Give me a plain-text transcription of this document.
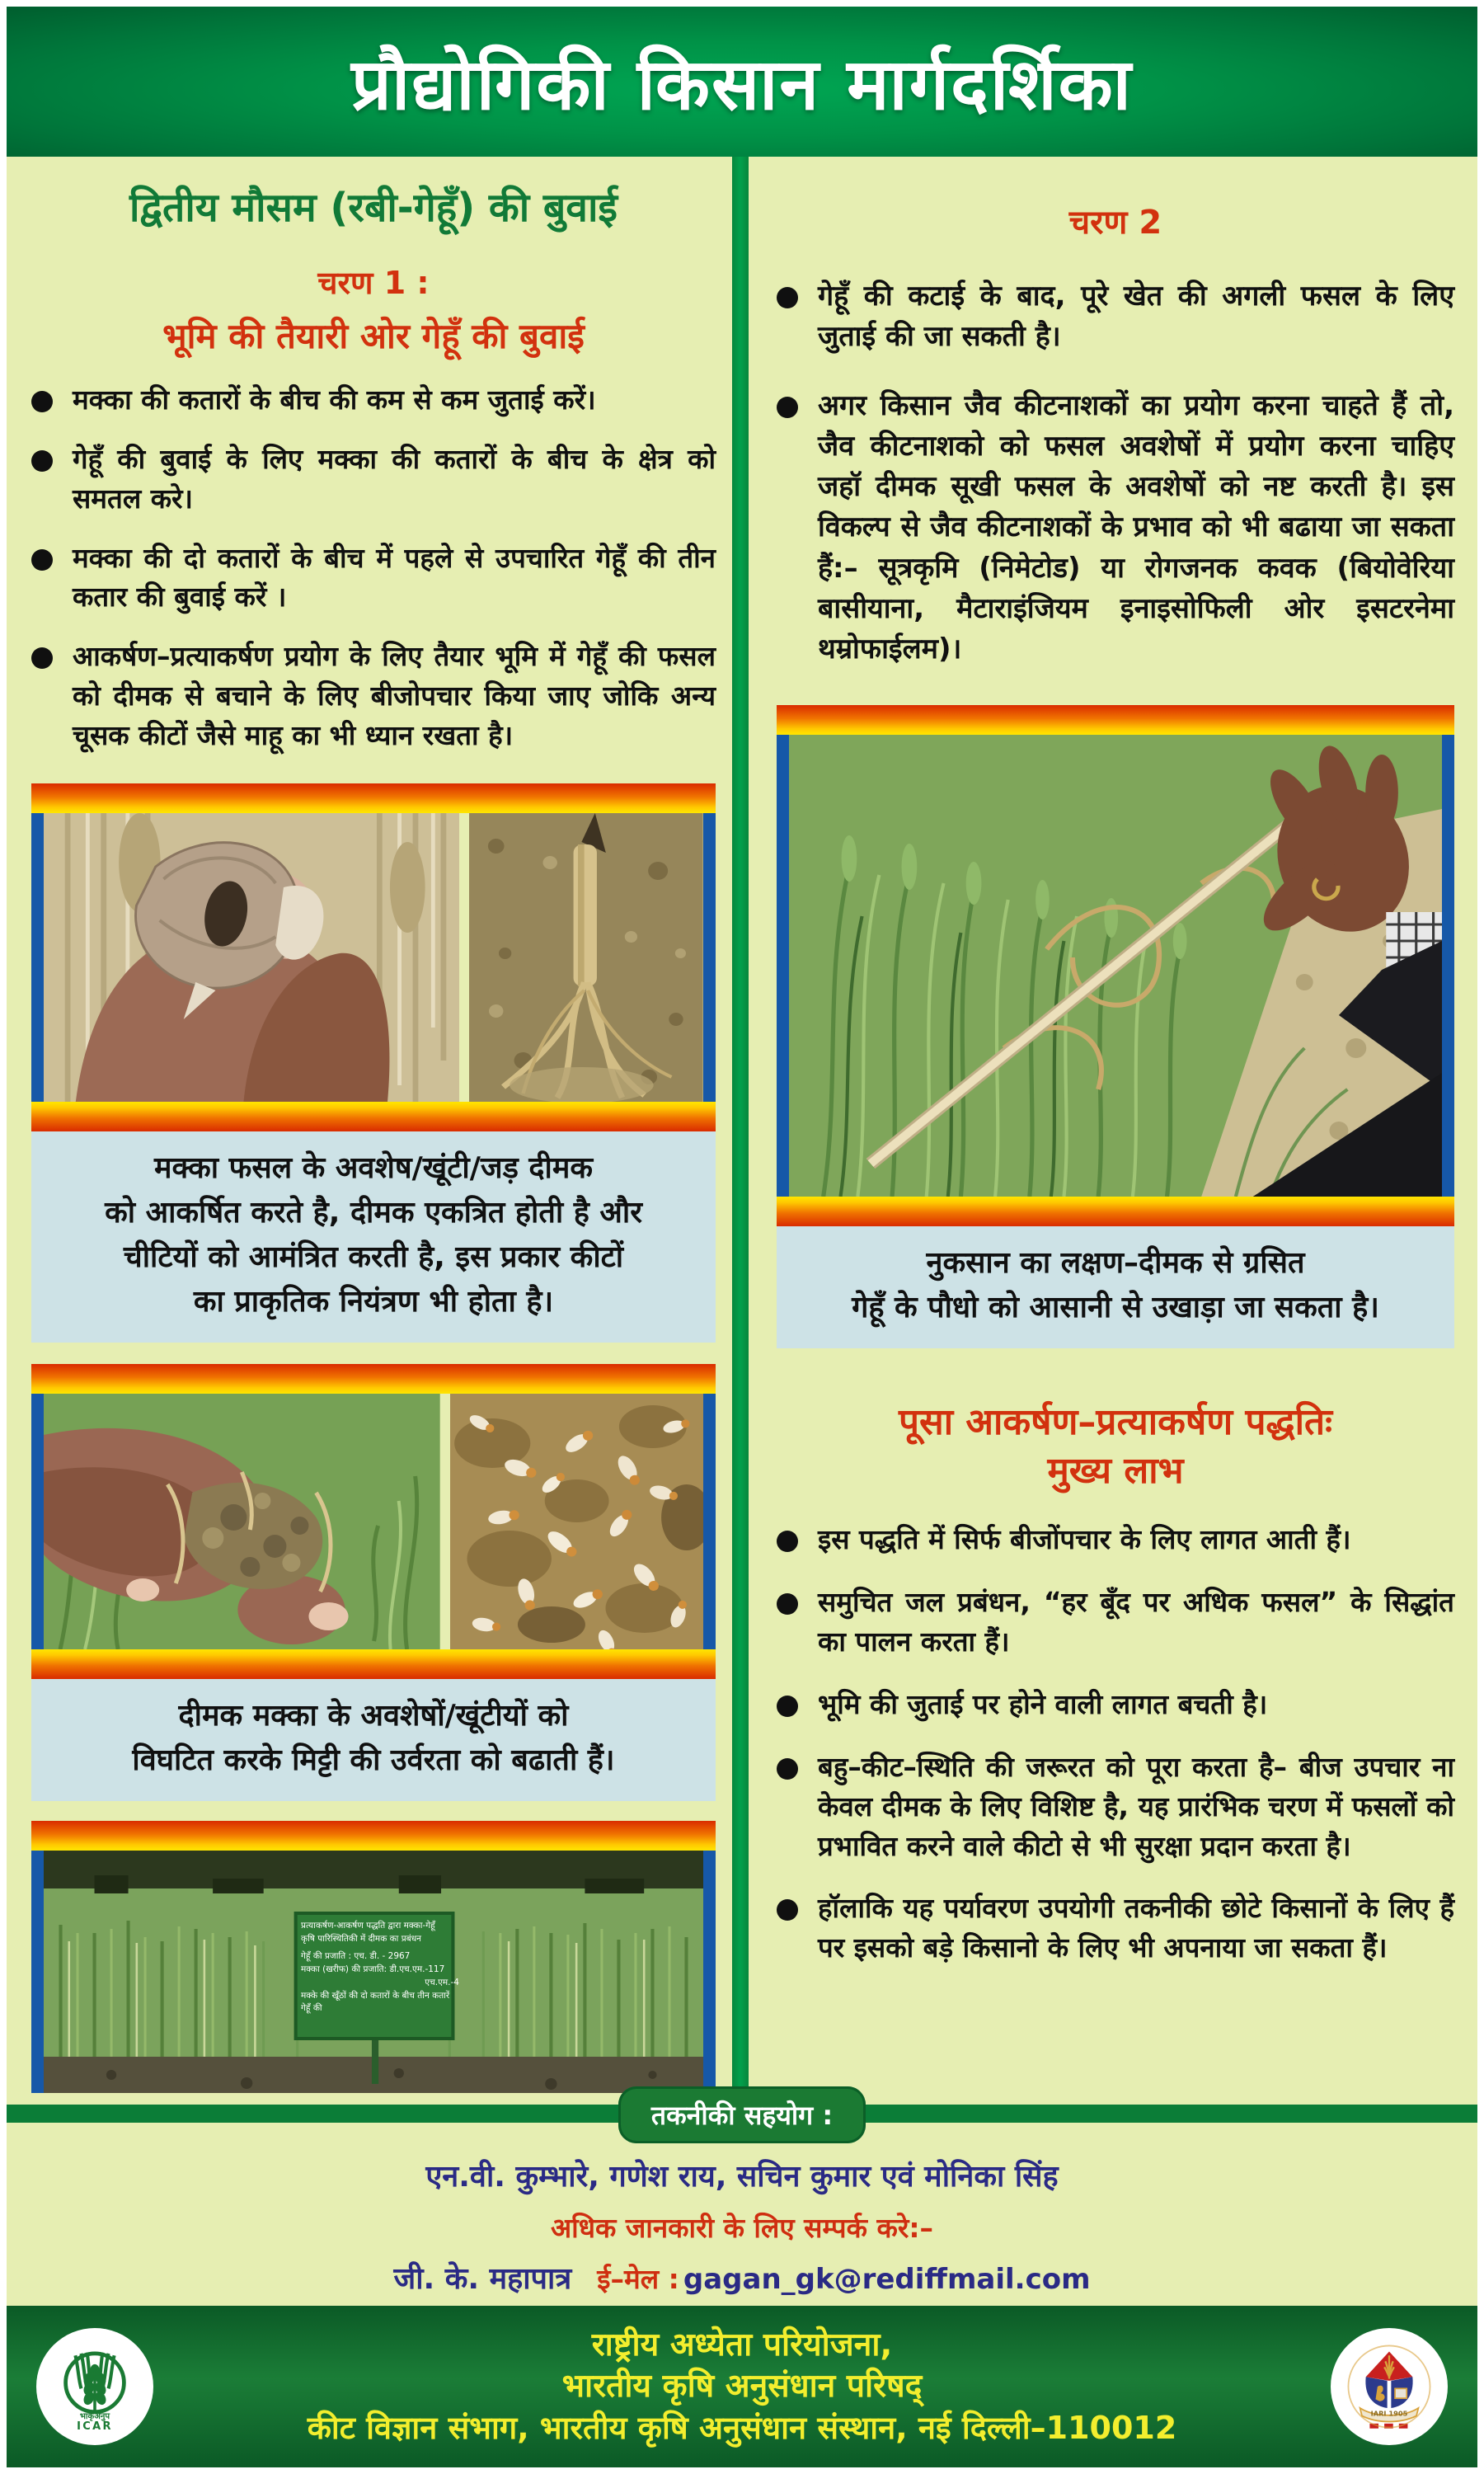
प्रौद्योगिकी किसान मार्गदर्शिका
द्वितीय मौसम (रबी-गेहूँ) की बुवाई
चरण 1 :
भूमि की तैयारी ओर गेहूँ की बुवाई
मक्का की कतारों के बीच की कम से कम जुताई करें।
गेहूँ की बुवाई के लिए मक्का की कतारों के बीच के क्षेत्र को समतल करे।
मक्का की दो कतारों के बीच में पहले से उपचारित गेहूँ की तीन कतार की बुवाई करें ।
आकर्षण–प्रत्याकर्षण प्रयोग के लिए तैयार भूमि में गेहूँ की फसल को दीमक से बचाने के लिए बीजोपचार किया जाए जोकि अन्य चूसक कीटों जैसे माहू का भी ध्यान रखता है।
मक्का फसल के अवशेष/खूंटी/जड़ दीमक
को आकर्षित करते है, दीमक एकत्रित होती है और
चीटियों को आमंत्रित करती है, इस प्रकार कीटों
का प्राकृतिक नियंत्रण भी होता है।
दीमक मक्का के अवशेषों/खूंटीयों को
विघटित करके मिट्टी की उर्वरता को बढाती हैं।
प्रत्याकर्षण-आकर्षण पद्धति द्वारा मक्का-गेहूँ
कृषि पारिस्थितिकी में दीमक का प्रबंधन
गेहूँ की प्रजाति : एच. डी. - 2967
मक्का (खरीफ) की प्रजाति: डी.एच.एम.-117
एच.एम.-4
मक्के की खूँठों की दो कतारों के बीच तीन कतारें गेहूँ की
चरण 2
गेहूँ की कटाई के बाद, पूरे खेत की अगली फसल के लिए जुताई की जा सकती है।
अगर किसान जैव कीटनाशकों का प्रयोग करना चाहते हैं तो, जैव कीटनाशको को फसल अवशेषों में प्रयोग करना चाहिए जहॉ दीमक सूखी फसल के अवशेषों को नष्ट करती है। इस विकल्प से जैव कीटनाशकों के प्रभाव को भी बढाया जा सकता हैं:– सूत्रकृमि (निमेटोड) या रोगजनक कवक (बियोवेरिया बासीयाना, मैटाराइंजियम इनाइसोफिली ओर इसटरनेमा थम्रोफाईलम)।
नुकसान का लक्षण–दीमक से ग्रसित
गेहूँ के पौधो को आसानी से उखाड़ा जा सकता है।
पूसा आकर्षण–प्रत्याकर्षण पद्धतिः
मुख्य लाभ
इस पद्धति में सिर्फ बीजोंपचार के लिए लागत आती हैं।
समुचित जल प्रबंधन, “हर बूँद पर अधिक फसल” के सिद्धांत का पालन करता हैं।
भूमि की जुताई पर होने वाली लागत बचती है।
बहु–कीट–स्थिति की जरूरत को पूरा करता है– बीज उपचार ना केवल दीमक के लिए विशिष्ट है, यह प्रारंभिक चरण में फसलों को प्रभावित करने वाले कीटो से भी सुरक्षा प्रदान करता है।
हॉलाकि यह पर्यावरण उपयोगी तकनीकी छोटे किसानों के लिए हैं पर इसको बड़े किसानो के लिए भी अपनाया जा सकता हैं।
तकनीकी सहयोग :
एन.वी. कुम्भारे, गणेश राय, सचिन कुमार एवं मोनिका सिंह
अधिक जानकारी के लिए सम्पर्क करे:–
जी. के. महापात्र ई–मेल : gagan_gk@rediffmail.com
भाकृअनुप
ICAR
राष्ट्रीय अध्येता परियोजना,
भारतीय कृषि अनुसंधान परिषद्
कीट विज्ञान संभाग, भारतीय कृषि अनुसंधान संस्थान, नई दिल्ली–110012	IARI 1905
